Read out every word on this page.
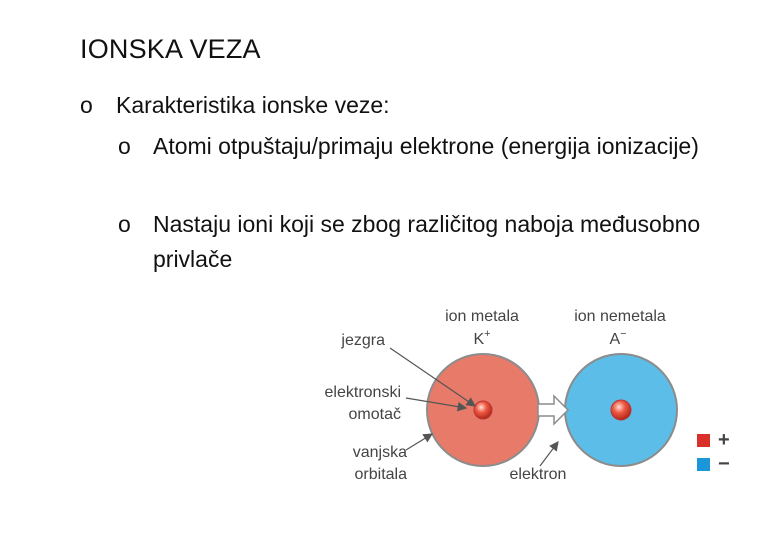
IONSKA VEZA
o Karakteristika ionske veze:
o Atomi otpuštaju/primaju elektrone (energija ionizacije)
o Nastaju ioni koji se zbog različitog naboja međusobno privlače
ion metala
K+
ion nemetala
A−
jezgra
elektronski
omotač
vanjska
orbitala	elektron
+
−
